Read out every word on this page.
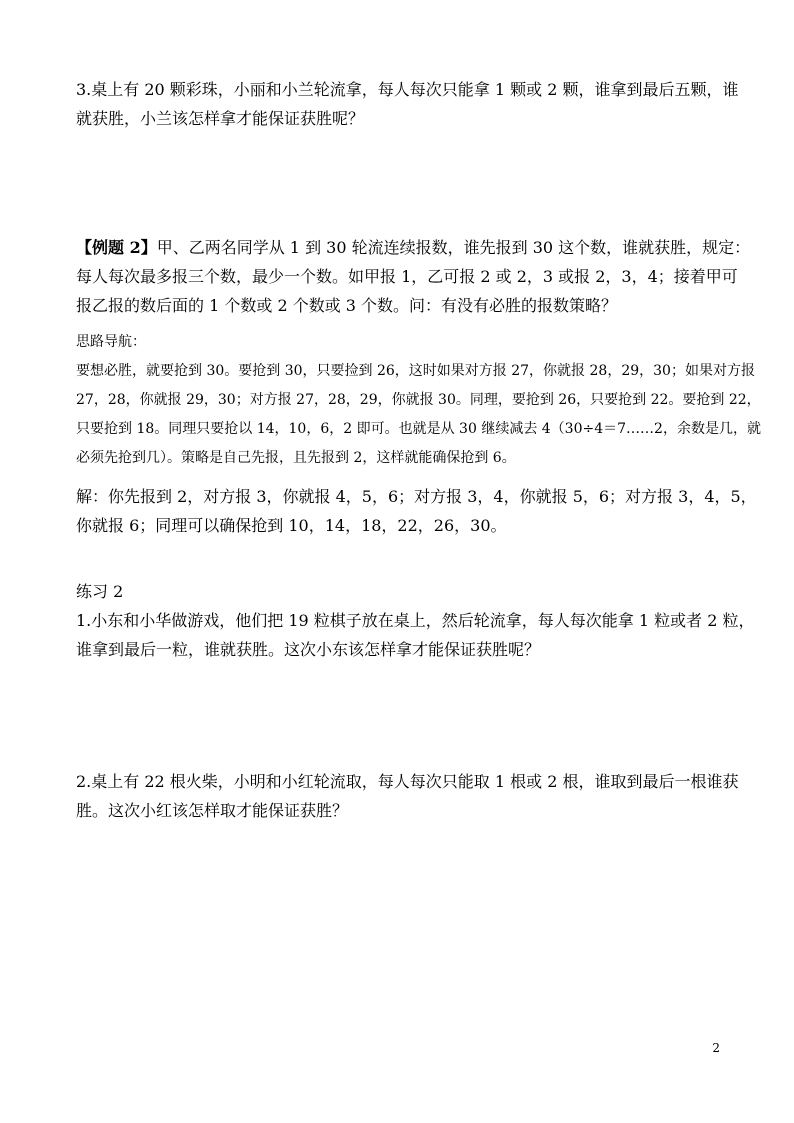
3.桌上有 20 颗彩珠，小丽和小兰轮流拿，每人每次只能拿 1 颗或 2 颗，谁拿到最后五颗，谁

就获胜，小兰该怎样拿才能保证获胜呢？

【例题 2】甲、乙两名同学从 1 到 30 轮流连续报数，谁先报到 30 这个数，谁就获胜，规定：

每人每次最多报三个数，最少一个数。如甲报 1，乙可报 2 或 2，3 或报 2，3，4；接着甲可

报乙报的数后面的 1 个数或 2 个数或 3 个数。问：有没有必胜的报数策略？

思路导航：

要想必胜，就要抢到 30。要抢到 30，只要捡到 26，这时如果对方报 27，你就报 28，29，30；如果对方报

27，28，你就报 29，30；对方报 27，28，29，你就报 30。同理，要抢到 26，只要抢到 22。要抢到 22，

只要抢到 18。同理只要抢以 14，10，6，2 即可。也就是从 30 继续减去 4（30÷4＝7……2，余数是几，就

必须先抢到几）。策略是自己先报，且先报到 2，这样就能确保抢到 6。

解：你先报到 2，对方报 3，你就报 4，5，6；对方报 3，4，你就报 5，6；对方报 3，4，5，

你就报 6；同理可以确保抢到 10，14，18，22，26，30。

练习 2

1.小东和小华做游戏，他们把 19 粒棋子放在桌上，然后轮流拿，每人每次能拿 1 粒或者 2 粒，

谁拿到最后一粒，谁就获胜。这次小东该怎样拿才能保证获胜呢？

2.桌上有 22 根火柴，小明和小红轮流取，每人每次只能取 1 根或 2 根，谁取到最后一根谁获

胜。这次小红该怎样取才能保证获胜？

2
